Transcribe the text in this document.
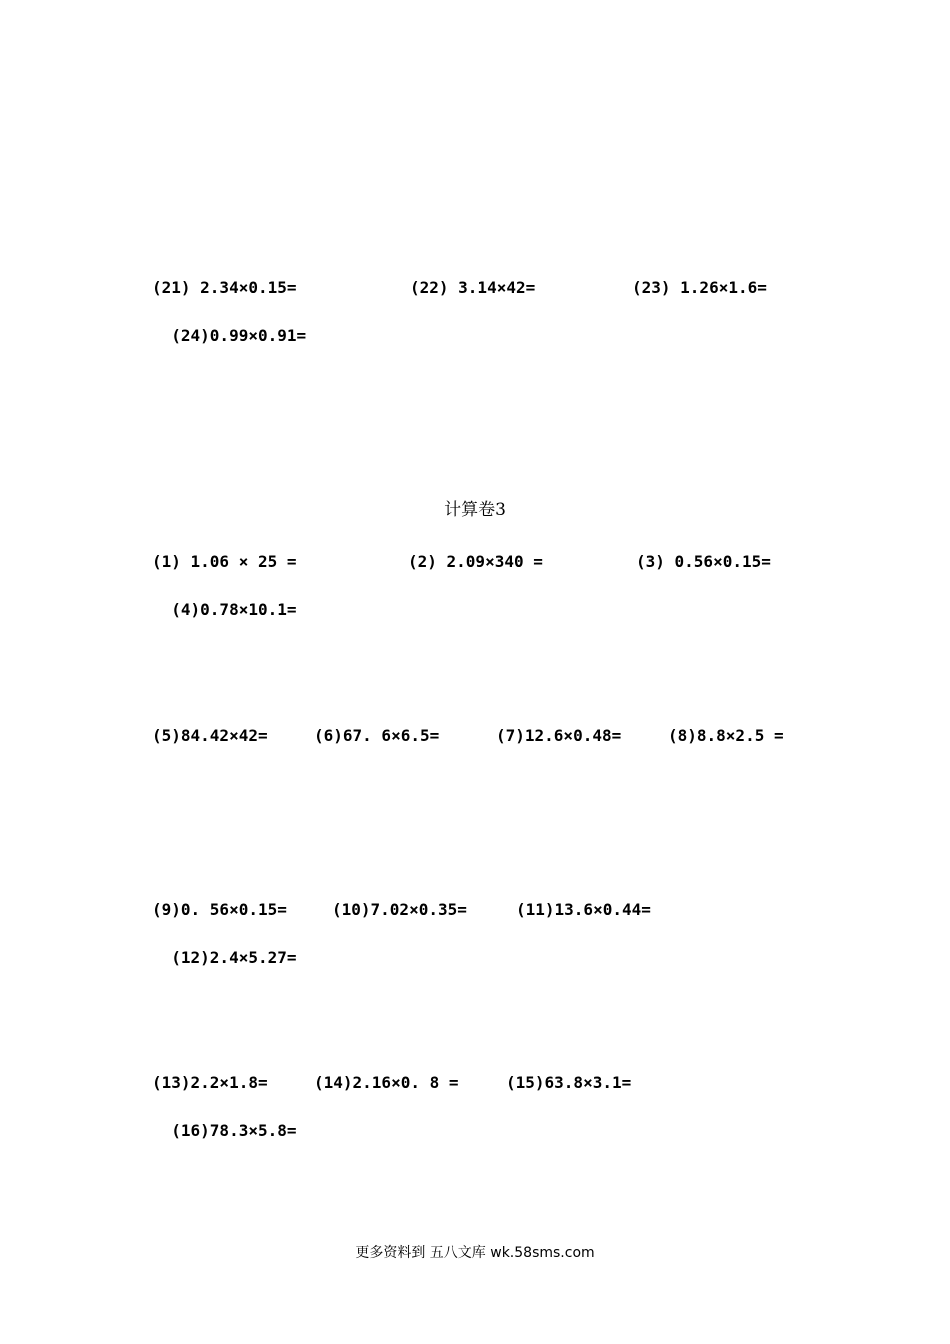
(21) 2.34×0.15=

	(22) 3.14×42=

	(23) 1.26×1.6=

(24)0.99×0.91=

计算卷3

(1) 1.06 × 25 =

	(2) 2.09×340 =

	(3) 0.56×0.15=

(4)0.78×10.1=

(5)84.42×42=

	(6)67. 6×6.5=

	(7)12.6×0.48=

	(8)8.8×2.5 =

(9)0. 56×0.15=

	(10)7.02×0.35=

	(11)13.6×0.44=

(12)2.4×5.27=

(13)2.2×1.8=

	(14)2.16×0. 8 =

	(15)63.8×3.1=

(16)78.3×5.8=

更多资料到 五八文库 wk.58sms.com
